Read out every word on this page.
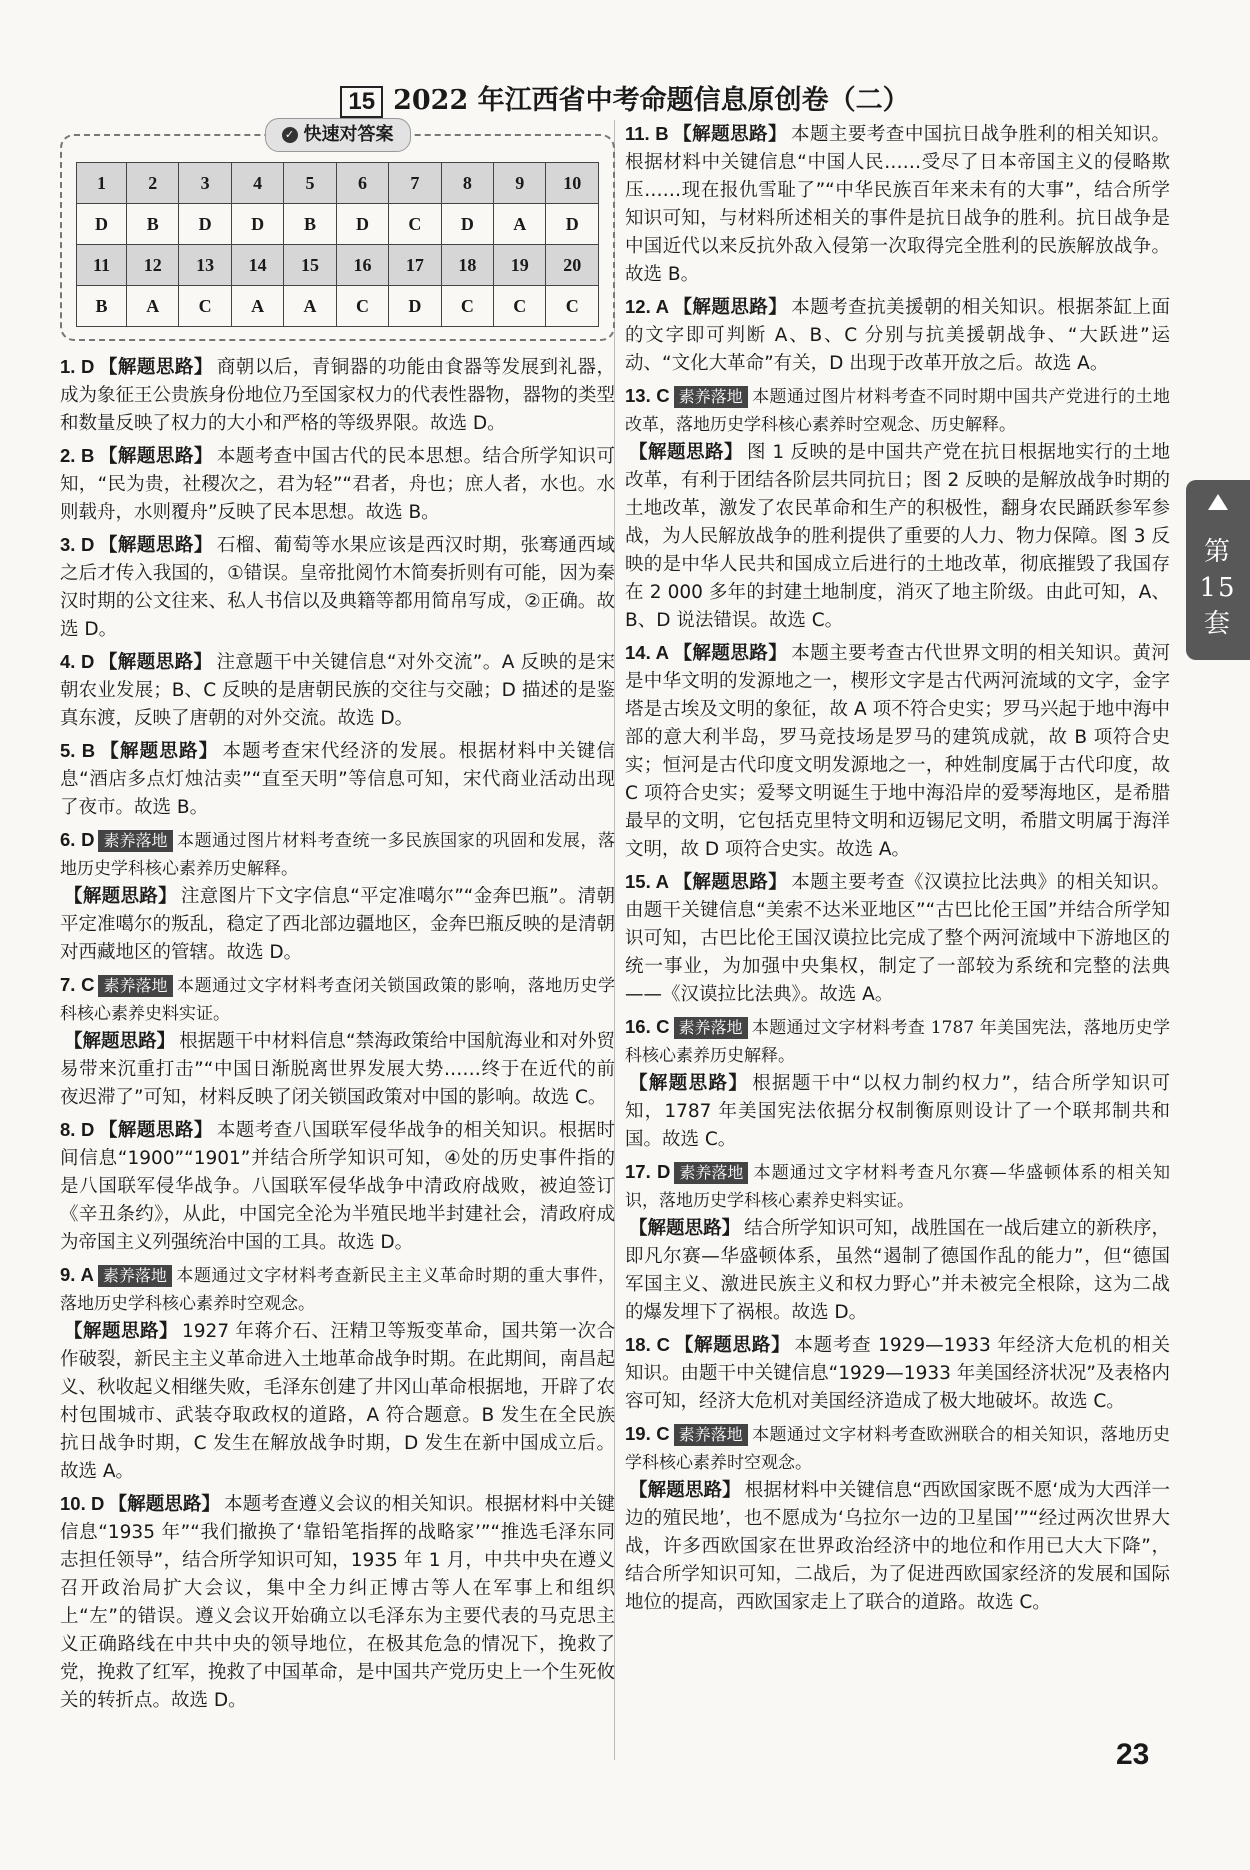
15 2022 年江西省中考命题信息原创卷（二）
✓ 快速对答案
1	2	3	4	5	6	7	8	9	10
D	B	D	D	B	D	C	D	A	D
11	12	13	14	15	16	17	18	19	20
B	A	C	A	A	C	D	C	C	C
1. D 【解题思路】 商朝以后，青铜器的功能由食器等发展到礼器，成为象征王公贵族身份地位乃至国家权力的代表性器物，器物的类型和数量反映了权力的大小和严格的等级界限。故选 D。
2. B 【解题思路】 本题考查中国古代的民本思想。结合所学知识可知，“民为贵，社稷次之，君为轻”“君者，舟也；庶人者，水也。水则载舟，水则覆舟”反映了民本思想。故选 B。
3. D 【解题思路】 石榴、葡萄等水果应该是西汉时期，张骞通西域之后才传入我国的，①错误。皇帝批阅竹木简奏折则有可能，因为秦汉时期的公文往来、私人书信以及典籍等都用简帛写成，②正确。故选 D。
4. D 【解题思路】 注意题干中关键信息“对外交流”。A 反映的是宋朝农业发展；B、C 反映的是唐朝民族的交往与交融；D 描述的是鉴真东渡，反映了唐朝的对外交流。故选 D。
5. B 【解题思路】 本题考查宋代经济的发展。根据材料中关键信息“酒店多点灯烛沽卖”“直至天明”等信息可知，宋代商业活动出现了夜市。故选 B。
6. D 素养落地 本题通过图片材料考查统一多民族国家的巩固和发展，落地历史学科核心素养历史解释。
【解题思路】 注意图片下文字信息“平定准噶尔”“金奔巴瓶”。清朝平定准噶尔的叛乱，稳定了西北部边疆地区，金奔巴瓶反映的是清朝对西藏地区的管辖。故选 D。
7. C 素养落地 本题通过文字材料考查闭关锁国政策的影响，落地历史学科核心素养史料实证。
【解题思路】 根据题干中材料信息“禁海政策给中国航海业和对外贸易带来沉重打击”“中国日渐脱离世界发展大势……终于在近代的前夜迟滞了”可知，材料反映了闭关锁国政策对中国的影响。故选 C。
8. D 【解题思路】 本题考查八国联军侵华战争的相关知识。根据时间信息“1900”“1901”并结合所学知识可知，④处的历史事件指的是八国联军侵华战争。八国联军侵华战争中清政府战败，被迫签订《辛丑条约》，从此，中国完全沦为半殖民地半封建社会，清政府成为帝国主义列强统治中国的工具。故选 D。
9. A 素养落地 本题通过文字材料考查新民主主义革命时期的重大事件，落地历史学科核心素养时空观念。
【解题思路】 1927 年蒋介石、汪精卫等叛变革命，国共第一次合作破裂，新民主主义革命进入土地革命战争时期。在此期间，南昌起义、秋收起义相继失败，毛泽东创建了井冈山革命根据地，开辟了农村包围城市、武装夺取政权的道路，A 符合题意。B 发生在全民族抗日战争时期，C 发生在解放战争时期，D 发生在新中国成立后。故选 A。
10. D 【解题思路】 本题考查遵义会议的相关知识。根据材料中关键信息“1935 年”“我们撤换了‘靠铅笔指挥的战略家’”“推选毛泽东同志担任领导”，结合所学知识可知，1935 年 1 月，中共中央在遵义召开政治局扩大会议，集中全力纠正博古等人在军事上和组织上“左”的错误。遵义会议开始确立以毛泽东为主要代表的马克思主义正确路线在中共中央的领导地位，在极其危急的情况下，挽救了党，挽救了红军，挽救了中国革命，是中国共产党历史上一个生死攸关的转折点。故选 D。
11. B 【解题思路】 本题主要考查中国抗日战争胜利的相关知识。根据材料中关键信息“中国人民……受尽了日本帝国主义的侵略欺压……现在报仇雪耻了”“中华民族百年来未有的大事”，结合所学知识可知，与材料所述相关的事件是抗日战争的胜利。抗日战争是中国近代以来反抗外敌入侵第一次取得完全胜利的民族解放战争。故选 B。
12. A 【解题思路】 本题考查抗美援朝的相关知识。根据茶缸上面的文字即可判断 A、B、C 分别与抗美援朝战争、“大跃进”运动、“文化大革命”有关，D 出现于改革开放之后。故选 A。
13. C 素养落地 本题通过图片材料考查不同时期中国共产党进行的土地改革，落地历史学科核心素养时空观念、历史解释。
【解题思路】 图 1 反映的是中国共产党在抗日根据地实行的土地改革，有利于团结各阶层共同抗日；图 2 反映的是解放战争时期的土地改革，激发了农民革命和生产的积极性，翻身农民踊跃参军参战，为人民解放战争的胜利提供了重要的人力、物力保障。图 3 反映的是中华人民共和国成立后进行的土地改革，彻底摧毁了我国存在 2 000 多年的封建土地制度，消灭了地主阶级。由此可知，A、B、D 说法错误。故选 C。
14. A 【解题思路】 本题主要考查古代世界文明的相关知识。黄河是中华文明的发源地之一，楔形文字是古代两河流域的文字，金字塔是古埃及文明的象征，故 A 项不符合史实；罗马兴起于地中海中部的意大利半岛，罗马竞技场是罗马的建筑成就，故 B 项符合史实；恒河是古代印度文明发源地之一，种姓制度属于古代印度，故 C 项符合史实；爱琴文明诞生于地中海沿岸的爱琴海地区，是希腊最早的文明，它包括克里特文明和迈锡尼文明，希腊文明属于海洋文明，故 D 项符合史实。故选 A。
15. A 【解题思路】 本题主要考查《汉谟拉比法典》的相关知识。由题干关键信息“美索不达米亚地区”“古巴比伦王国”并结合所学知识可知，古巴比伦王国汉谟拉比完成了整个两河流域中下游地区的统一事业，为加强中央集权，制定了一部较为系统和完整的法典——《汉谟拉比法典》。故选 A。
16. C 素养落地 本题通过文字材料考查 1787 年美国宪法，落地历史学科核心素养历史解释。
【解题思路】 根据题干中“以权力制约权力”，结合所学知识可知，1787 年美国宪法依据分权制衡原则设计了一个联邦制共和国。故选 C。
17. D 素养落地 本题通过文字材料考查凡尔赛—华盛顿体系的相关知识，落地历史学科核心素养史料实证。
【解题思路】 结合所学知识可知，战胜国在一战后建立的新秩序，即凡尔赛—华盛顿体系，虽然“遏制了德国作乱的能力”，但“德国军国主义、激进民族主义和权力野心”并未被完全根除，这为二战的爆发埋下了祸根。故选 D。
18. C 【解题思路】 本题考查 1929—1933 年经济大危机的相关知识。由题干中关键信息“1929—1933 年美国经济状况”及表格内容可知，经济大危机对美国经济造成了极大地破坏。故选 C。
19. C 素养落地 本题通过文字材料考查欧洲联合的相关知识，落地历史学科核心素养时空观念。
【解题思路】 根据材料中关键信息“西欧国家既不愿‘成为大西洋一边的殖民地’，也不愿成为‘乌拉尔一边的卫星国’”“经过两次世界大战，许多西欧国家在世界政治经济中的地位和作用已大大下降”，结合所学知识可知，二战后，为了促进西欧国家经济的发展和国际地位的提高，西欧国家走上了联合的道路。故选 C。
第
15
套
23
